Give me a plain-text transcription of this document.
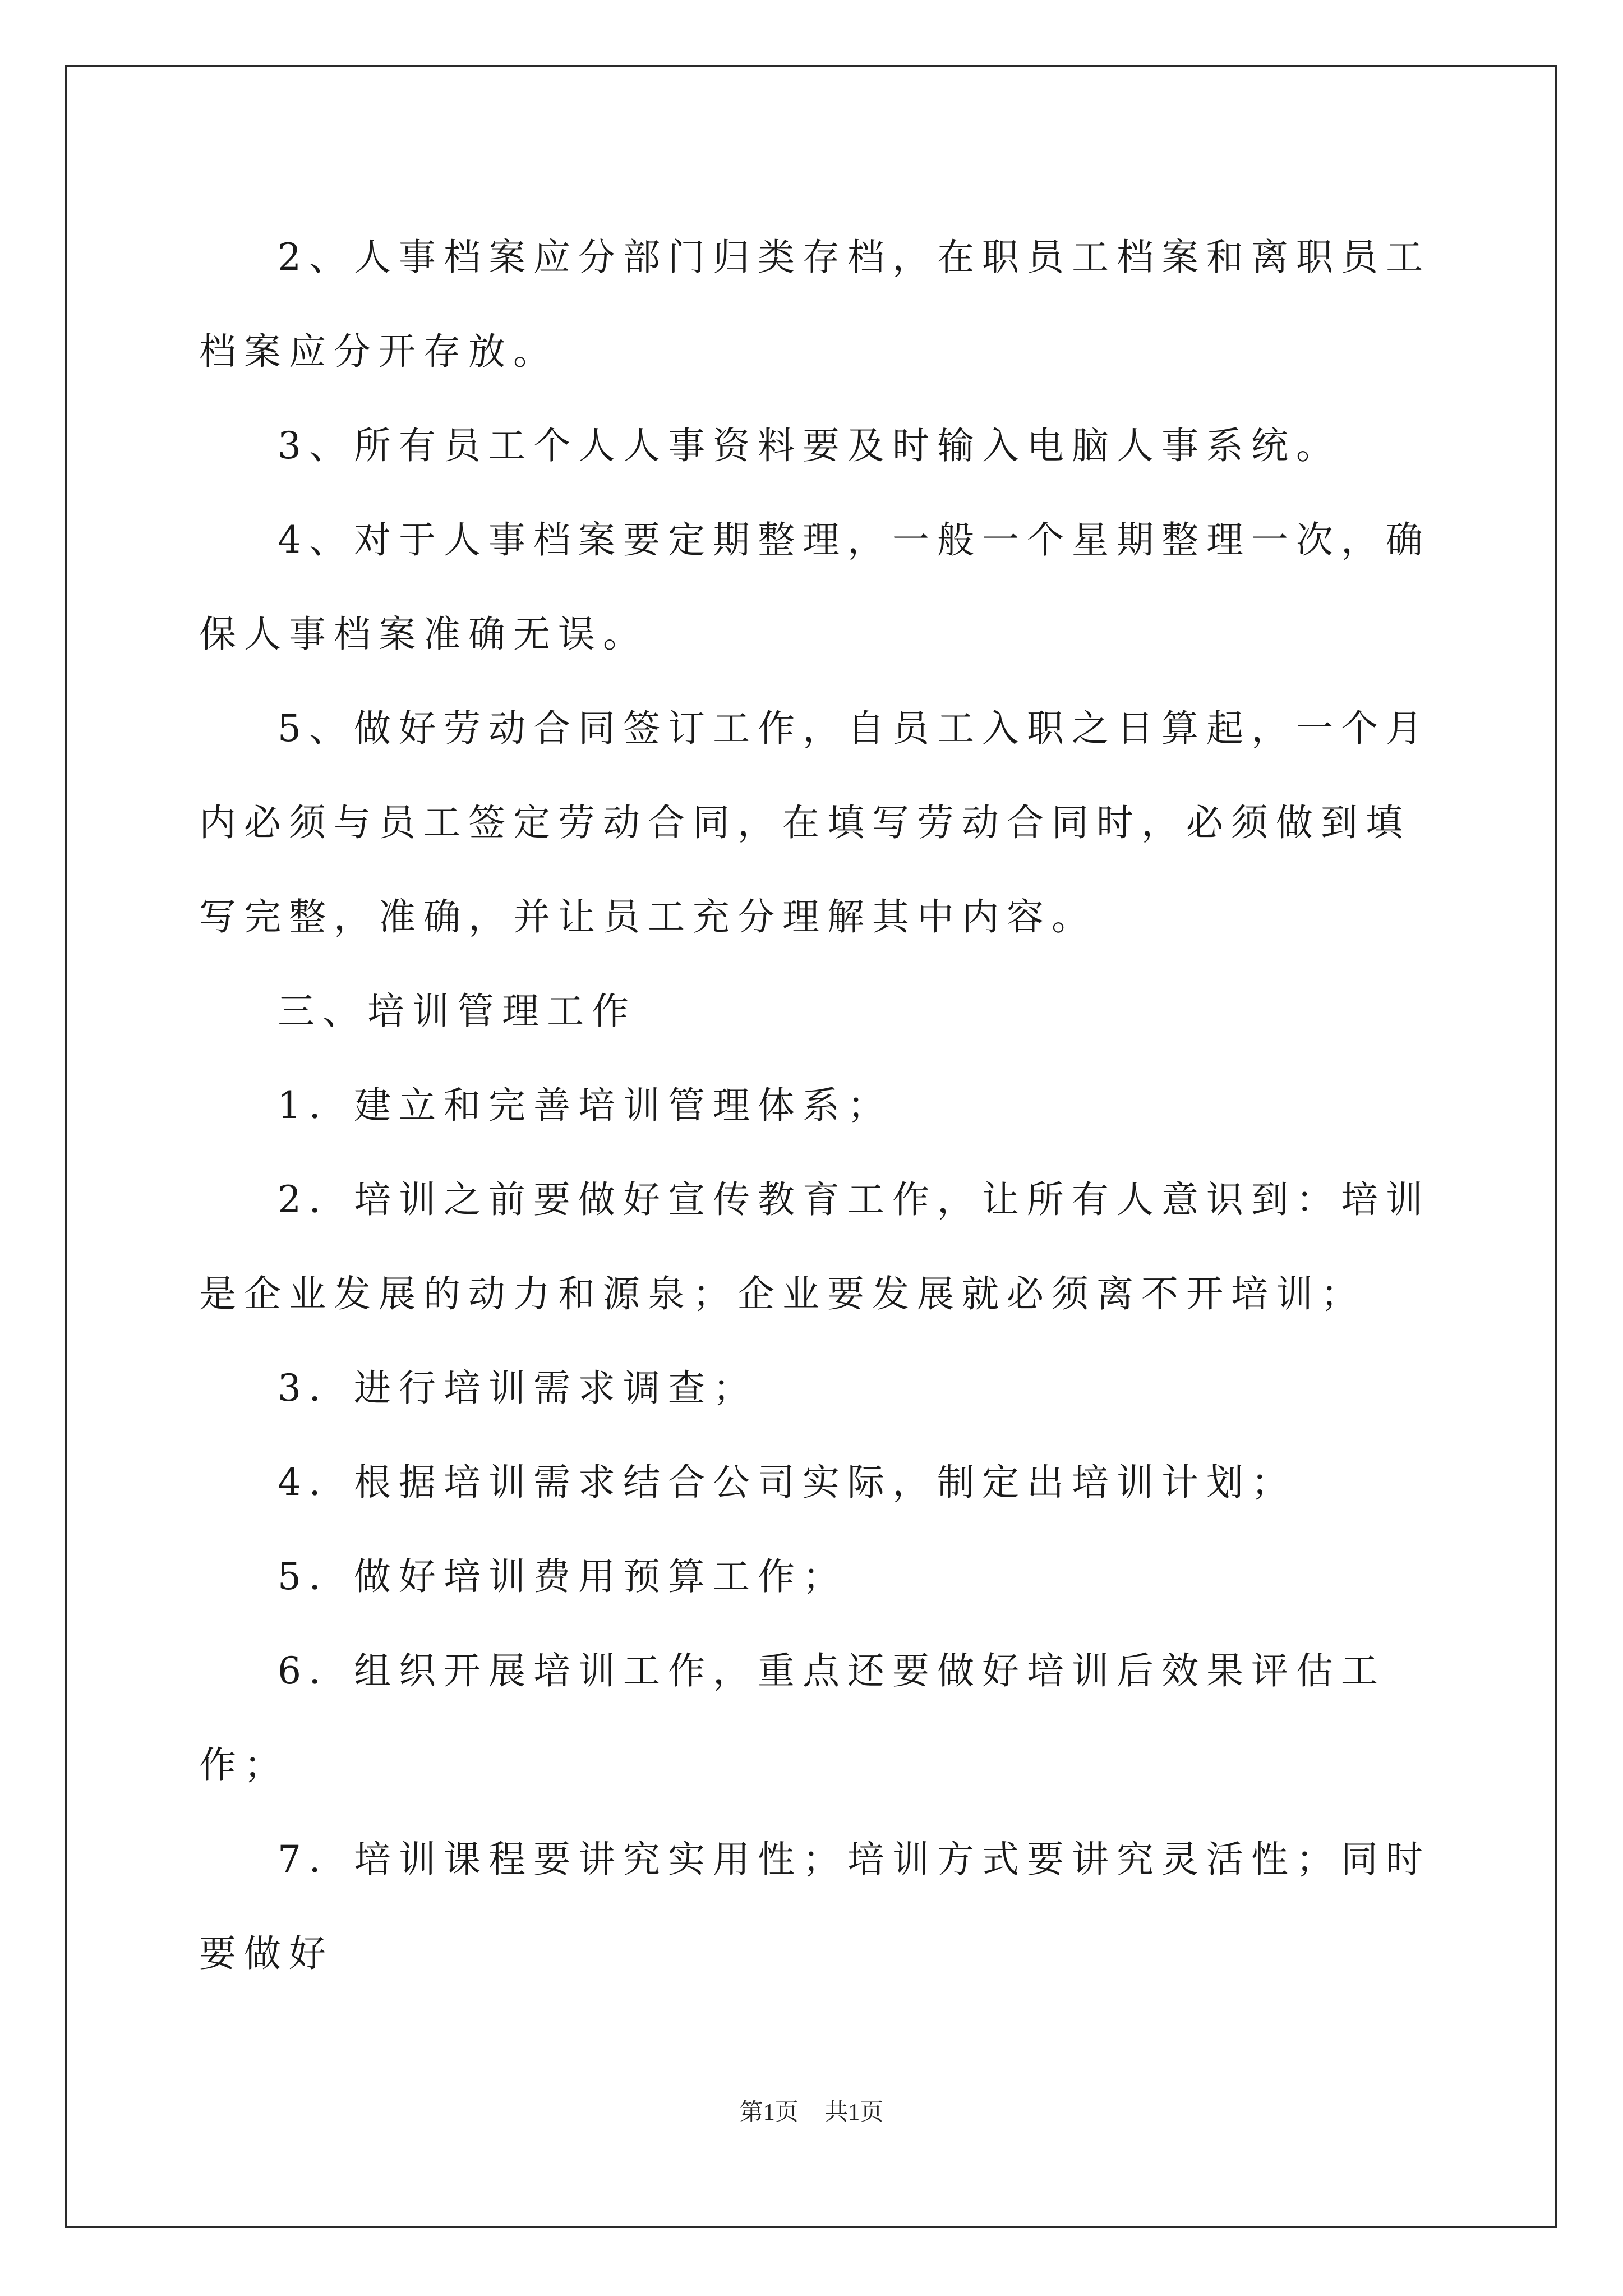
2、人事档案应分部门归类存档，在职员工档案和离职员工档案应分开存放。

3、所有员工个人人事资料要及时输入电脑人事系统。

4、对于人事档案要定期整理，一般一个星期整理一次，确保人事档案准确无误。

5、做好劳动合同签订工作，自员工入职之日算起，一个月内必须与员工签定劳动合同，在填写劳动合同时，必须做到填写完整，准确，并让员工充分理解其中内容。

三、培训管理工作

1．建立和完善培训管理体系；

2．培训之前要做好宣传教育工作，让所有人意识到：培训是企业发展的动力和源泉；企业要发展就必须离不开培训；

3．进行培训需求调查；

4．根据培训需求结合公司实际，制定出培训计划；

5．做好培训费用预算工作；

6．组织开展培训工作，重点还要做好培训后效果评估工作；

7．培训课程要讲究实用性；培训方式要讲究灵活性；同时要做好

第1页 共1页
